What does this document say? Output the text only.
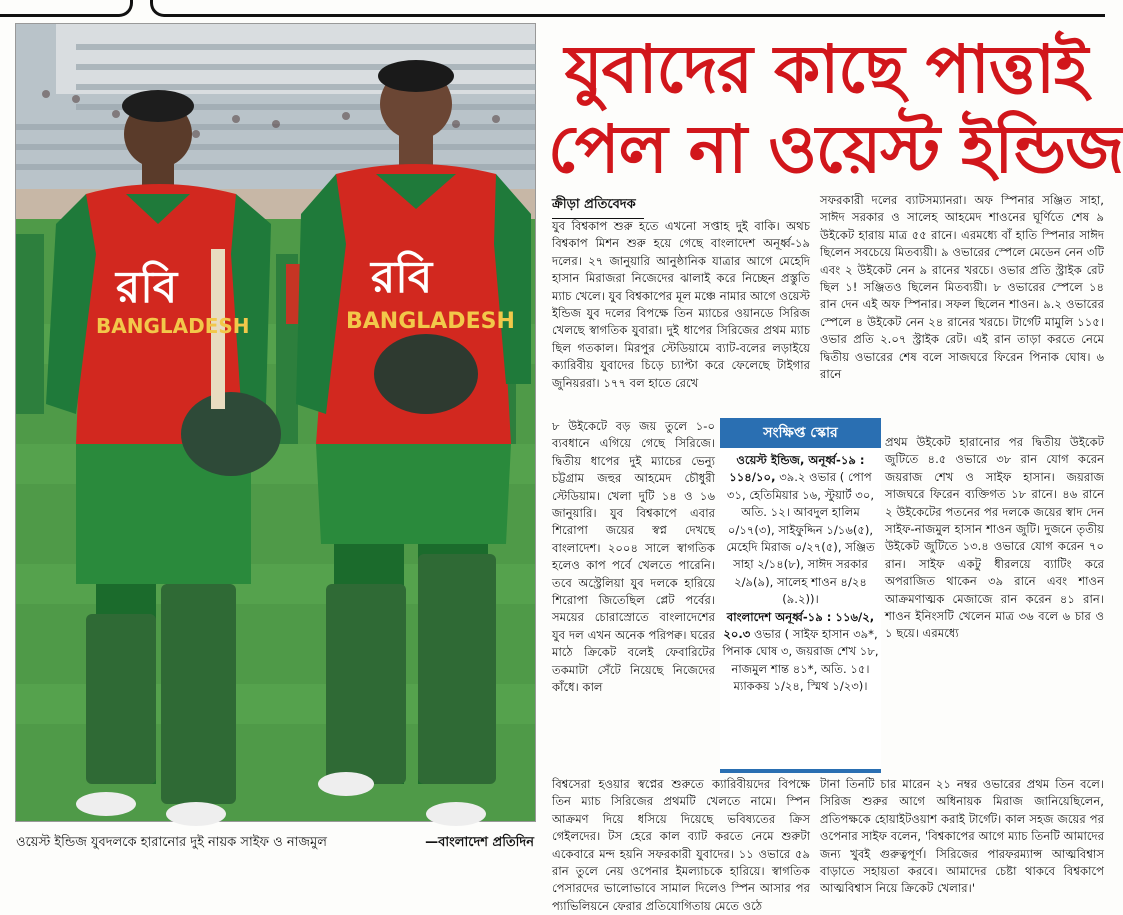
রবি
BANGLADESH
রবি
BANGLADESH
ওয়েস্ট ইন্ডিজ যুবদলকে হারানোর দুই নায়ক সাইফ ও নাজমুল	—বাংলাদেশ প্রতিদিন
যুবাদের কাছে পাত্তাই
পেল না ওয়েস্ট ইন্ডিজ
ক্রীড়া প্রতিবেদক

যুব বিশ্বকাপ শুরু হতে এখনো সপ্তাহ দুই বাকি। অথচ বিশ্বকাপ মিশন শুরু হয়ে গেছে বাংলাদেশ অনূর্ধ্ব-১৯ দলের। ২৭ জানুয়ারি আনুষ্ঠানিক যাত্রার আগে মেহেদি হাসান মিরাজরা নিজেদের ঝালাই করে নিচ্ছেন প্রস্তুতি ম্যাচ খেলে। যুব বিশ্বকাপের মূল মঞ্চে নামার আগে ওয়েস্ট ইন্ডিজ যুব দলের বিপক্ষে তিন ম্যাচের ওয়ানডে সিরিজ খেলছে স্বাগতিক যুবারা। দুই ধাপের সিরিজের প্রথম ম্যাচ ছিল গতকাল। মিরপুর স্টেডিয়ামে ব্যাট-বলের লড়াইয়ে ক্যারিবীয় যুবাদের চিড়ে চ্যাপ্টা করে ফেলেছে টাইগার জুনিয়ররা। ১৭৭ বল হাতে রেখে

৮ উইকেটে বড় জয় তুলে ১-০ ব্যবধানে এগিয়ে গেছে সিরিজে। দ্বিতীয় ধাপের দুই ম্যাচের ভেন্যু চট্টগ্রাম জহুর আহমেদ চৌধুরী স্টেডিয়াম। খেলা দুটি ১৪ ও ১৬ জানুয়ারি। যুব বিশ্বকাপে এবার শিরোপা জয়ের স্বপ্ন দেখছে বাংলাদেশ। ২০০৪ সালে স্বাগতিক হলেও কাপ পর্বে খেলতে পারেনি। তবে অস্ট্রেলিয়া যুব দলকে হারিয়ে শিরোপা জিতেছিল প্লেট পর্বের। সময়ের চোরাস্রোতে বাংলাদেশের যুব দল এখন অনেক পরিপক্ব। ঘরের মাঠে ক্রিকেট বলেই ফেবারিটের তকমাটা সেঁটে নিয়েছে নিজেদের কাঁধে। কাল

সফরকারী দলের ব্যাটসম্যানরা। অফ স্পিনার সঞ্জিত সাহা, সাঈদ সরকার ও সালেহ আহমেদ শাওনের ঘূর্ণিতে শেষ ৯ উইকেট হারায় মাত্র ৫৫ রানে। এরমধ্যে বাঁ হাতি স্পিনার সাঈদ ছিলেন সবচেয়ে মিতব্যয়ী। ৯ ওভারের স্পেলে মেডেন নেন ৩টি এবং ২ উইকেট নেন ৯ রানের খরচে। ওভার প্রতি স্ট্রাইক রেট ছিল ১! সঞ্জিতও ছিলেন মিতব্যয়ী। ৮ ওভারের স্পেলে ১৪ রান দেন এই অফ স্পিনার। সফল ছিলেন শাওন। ৯.২ ওভারের স্পেলে ৪ উইকেট নেন ২৪ রানের খরচে। টার্গেট মামুলি ১১৫। ওভার প্রতি ২.০৭ স্ট্রাইক রেট। এই রান তাড়া করতে নেমে দ্বিতীয় ওভারের শেষ বলে সাজঘরে ফিরেন পিনাক ঘোষ। ৬ রানে

প্রথম উইকেট হারানোর পর দ্বিতীয় উইকেট জুটিতে ৪.৫ ওভারে ৩৮ রান যোগ করেন জয়রাজ শেখ ও সাইফ হাসান। জয়রাজ সাজঘরে ফিরেন ব্যক্তিগত ১৮ রানে। ৪৬ রানে ২ উইকেটের পতনের পর দলকে জয়ের স্বাদ দেন সাইফ-নাজমুল হাসান শাওন জুটি। দুজনে তৃতীয় উইকেট জুটিতে ১৩.৪ ওভারে যোগ করেন ৭০ রান। সাইফ একটু ধীরলয়ে ব্যাটিং করে অপরাজিত থাকেন ৩৯ রানে এবং শাওন আক্রমণাত্মক মেজাজে রান করেন ৪১ রান। শাওন ইনিংসটি খেলেন মাত্র ৩৬ বলে ৬ চার ও ১ ছয়ে। এরমধ্যে

বিশ্বসেরা হওয়ার স্বপ্নের শুরুতে ক্যারিবীয়দের বিপক্ষে তিন ম্যাচ সিরিজের প্রথমটি খেলতে নামে। স্পিন আক্রমণ দিয়ে ধসিয়ে দিয়েছে ভবিষ্যতের ক্রিস গেইলদের। টস হেরে কাল ব্যাট করতে নেমে শুরুটা একেবারে মন্দ হয়নি সফরকারী যুবাদের। ১১ ওভারে ৫৯ রান তুলে নেয় ওপেনার ইমল্যাচকে হারিয়ে। স্বাগতিক পেসারদের ভালোভাবে সামাল দিলেও স্পিন আসার পর প্যাভিলিয়নে ফেরার প্রতিযোগিতায় মেতে ওঠে

টানা তিনটি চার মারেন ২১ নম্বর ওভারের প্রথম তিন বলে। সিরিজ শুরুর আগে অধিনায়ক মিরাজ জানিয়েছিলেন, প্রতিপক্ষকে হোয়াইটওয়াশ করাই টার্গেট। কাল সহজ জয়ের পর ওপেনার সাইফ বলেন, 'বিশ্বকাপের আগে ম্যাচ তিনটি আমাদের জন্য খুবই গুরুত্বপূর্ণ। সিরিজের পারফরম্যান্স আত্মবিশ্বাস বাড়াতে সহায়তা করবে। আমাদের চেষ্টা থাকবে বিশ্বকাপে আত্মবিশ্বাস নিয়ে ক্রিকেট খেলার।'

সংক্ষিপ্ত স্কোর
ওয়েস্ট ইন্ডিজ, অনূর্ধ্ব-১৯ : ১১৪/১০, ৩৯.২ ওভার ( পোপ ৩১, হেতিমিয়ার ১৬, স্টুয়ার্ট ৩০, অতি. ১২। আবদুল হালিম ০/১৭(৩), সাইফুদ্দিন ১/১৬(৫), মেহেদি মিরাজ ০/২৭(৫), সঞ্জিত সাহা ২/১৪(৮), সাঈদ সরকার ২/৯(৯), সালেহ শাওন ৪/২৪ (৯.২))।
বাংলাদেশ অনূর্ধ্ব-১৯ : ১১৬/২, ২০.৩ ওভার ( সাইফ হাসান ৩৯*, পিনাক ঘোষ ৩, জয়রাজ শেখ ১৮, নাজমুল শান্ত ৪১*, অতি. ১৫। ম্যাককয় ১/২৪, স্মিথ ১/২৩)।
